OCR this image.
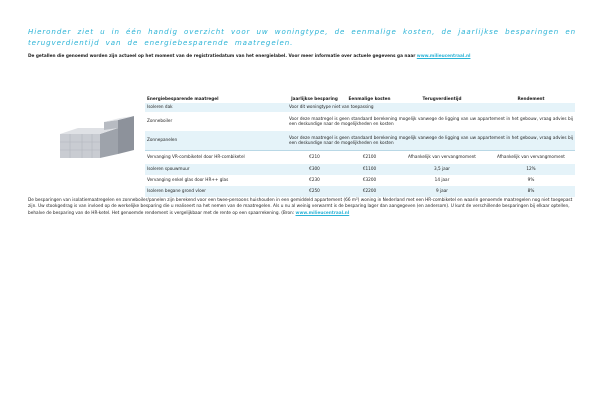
Hieronder ziet u in één handig overzicht voor uw woningtype, de eenmalige kosten, de jaarlijkse besparingen en terugverdientijd van de energiebesparende maatregelen.

De getallen die genoemd worden zijn actueel op het moment van de registratiedatum van het energielabel. Voor meer informatie over actuele gegevens ga naar www.milieucentraal.nl

Energiebesparende maatregel	Jaarlijkse besparing	Eenmalige kosten	Terugverdientijd	Rendement
Isoleren dak	Voor dit woningtype niet van toepassing			
Zonneboiler	Voor deze maatregel is geen standaard berekening mogelijk vanwege de ligging van uw appartement in het gebouw, vraag advies bij een deskundige naar de mogelijkheden en kosten			
Zonnepanelen	Voor deze maatregel is geen standaard berekening mogelijk vanwege de ligging van uw appartement in het gebouw, vraag advies bij een deskundige naar de mogelijkheden en kosten			
Vervanging VR-combiketel door HR-combiketel	€210	€2100	Afhankelijk van vervangmoment	Afhankelijk van vervangmoment
Isoleren spouwmuur	€300	€1100	3,5 jaar	12%
Vervanging enkel glas door HR++ glas	€230	€3200	14 jaar	9%
Isoleren begane grond vloer	€250	€2200	9 jaar	8%

De besparingen van isolatiemaatregelen en zonneboiler/panelen zijn berekend voor een twee-persoons huishouden in een gemiddeld appartement (66 m²) woning in Nederland met een HR-combiketel en waarin genoemde maatregelen nog niet toegepast zijn. Uw stookgedrag is van invloed op de werkelijke besparing die u realiseert na het nemen van de maatregelen. Als u nu al weinig verwarmt is de besparing lager dan aangegeven (en andersom). U kunt de verschillende besparingen bij elkaar optellen, behalve de besparing van de HR-ketel. Het genoemde rendement is vergelijkbaar met de rente op een spaarrekening. (Bron: www.milieucentraal.nl
